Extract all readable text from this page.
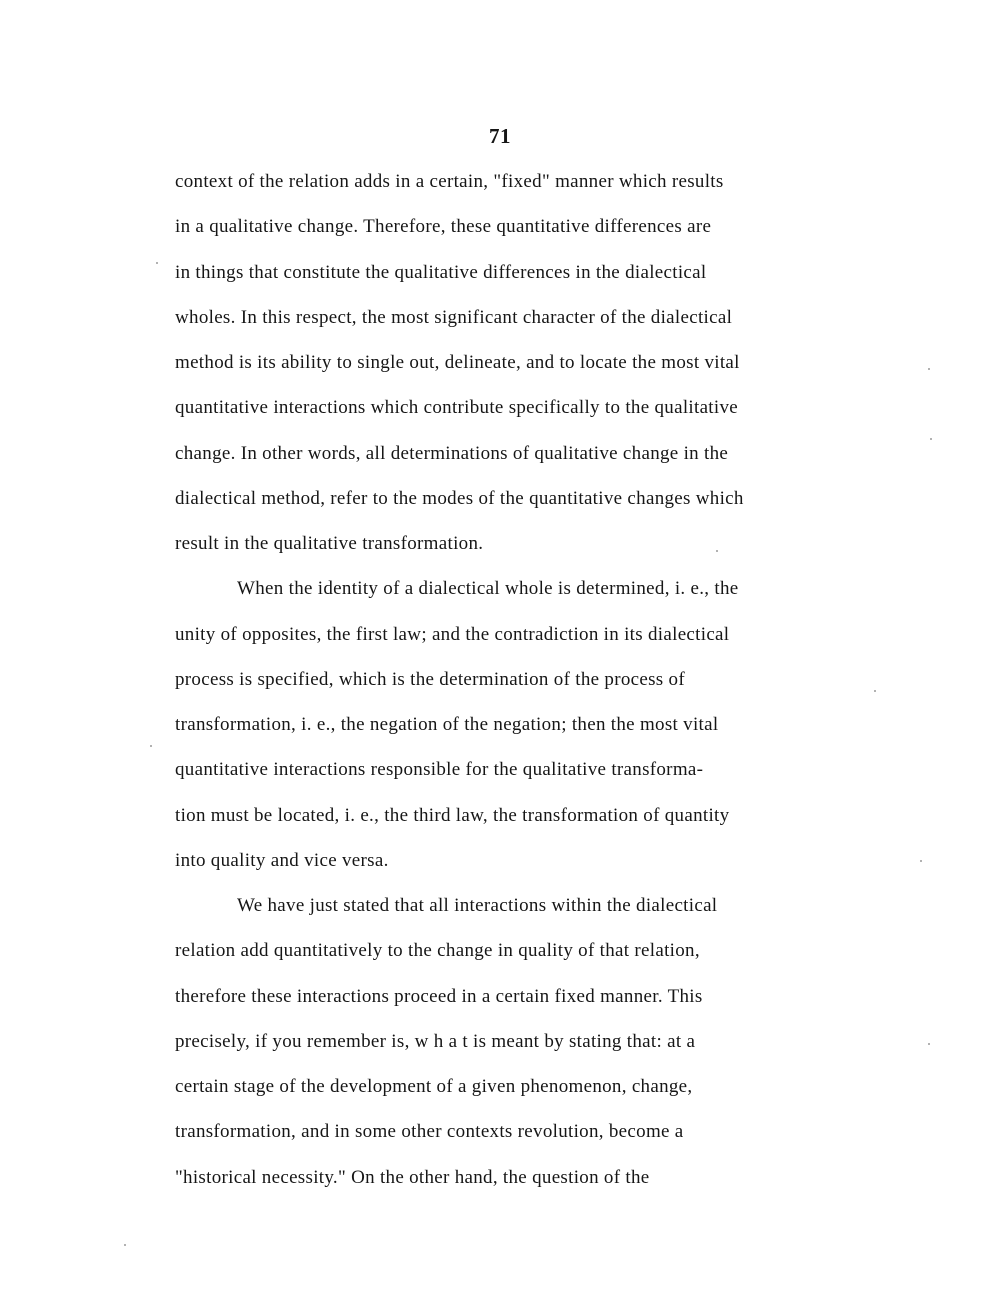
71
context of the relation adds in a certain, "fixed" manner which results
in a qualitative change. Therefore, these quantitative differences are
in things that constitute the qualitative differences in the dialectical
wholes. In this respect, the most significant character of the dialectical
method is its ability to single out, delineate, and to locate the most vital
quantitative interactions which contribute specifically to the qualitative
change. In other words, all determinations of qualitative change in the
dialectical method, refer to the modes of the quantitative changes which
result in the qualitative transformation.
When the identity of a dialectical whole is determined, i. e., the
unity of opposites, the first law; and the contradiction in its dialectical
process is specified, which is the determination of the process of
transformation, i. e., the negation of the negation; then the most vital
quantitative interactions responsible for the qualitative transforma-
tion must be located, i. e., the third law, the transformation of quantity
into quality and vice versa.
We have just stated that all interactions within the dialectical
relation add quantitatively to the change in quality of that relation,
therefore these interactions proceed in a certain fixed manner. This
precisely, if you remember is, w h a t is meant by stating that: at a
certain stage of the development of a given phenomenon, change,
transformation, and in some other contexts revolution, become a
"historical necessity." On the other hand, the question of the
